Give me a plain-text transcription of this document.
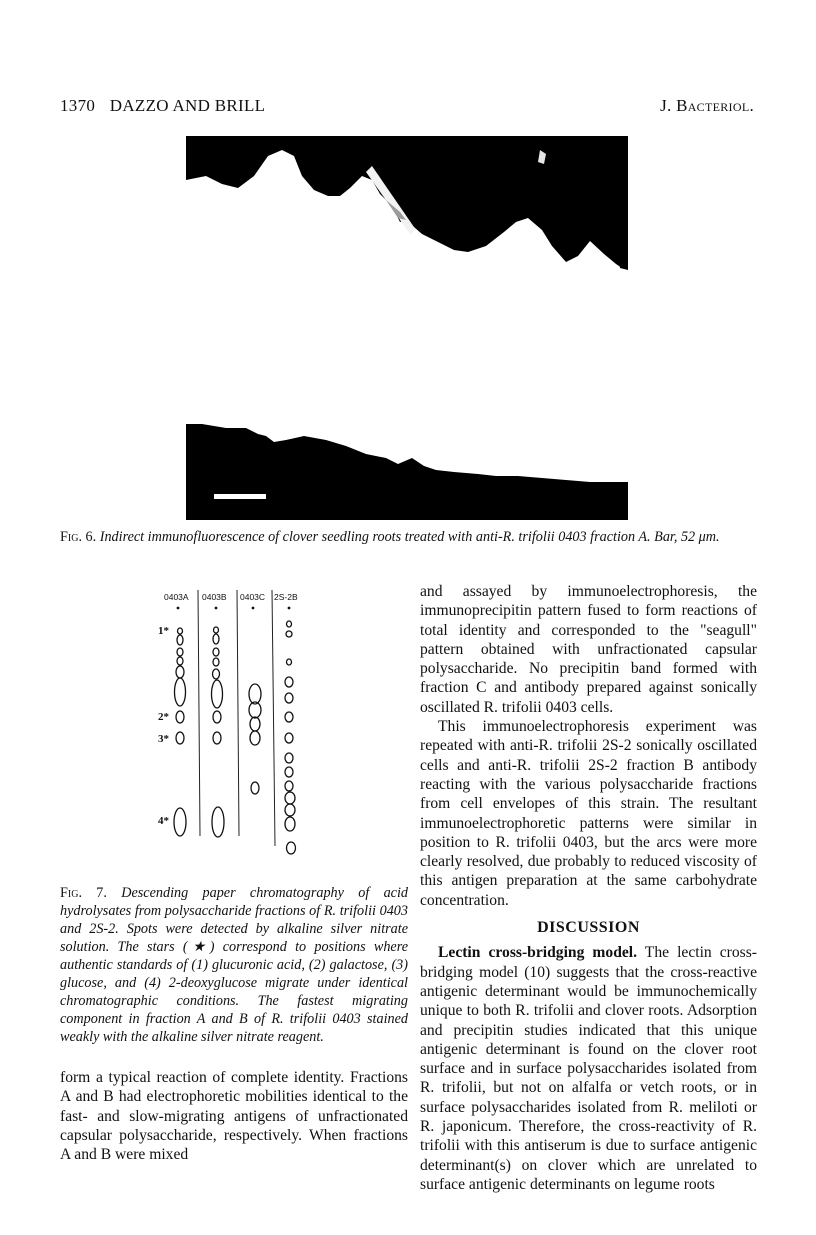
1370 DAZZO AND BRILL	J. Bacteriol.
Fig. 6. Indirect immunofluorescence of clover seedling roots treated with anti-R. trifolii 0403 fraction A. Bar, 52 μm.
0403A 0403B 0403C 2S-2B
1*
2*
3*
4*
Fig. 7. Descending paper chromatography of acid hydrolysates from polysaccharide fractions of R. trifolii 0403 and 2S-2. Spots were detected by alkaline silver nitrate solution. The stars (★) correspond to positions where authentic standards of (1) glucuronic acid, (2) galactose, (3) glucose, and (4) 2-deoxyglucose migrate under identical chromatographic conditions. The fastest migrating component in fraction A and B of R. trifolii 0403 stained weakly with the alkaline silver nitrate reagent.

form a typical reaction of complete identity. Fractions A and B had electrophoretic mobilities identical to the fast- and slow-migrating antigens of unfractionated capsular polysaccharide, respectively. When fractions A and B were mixed

and assayed by immunoelectrophoresis, the immunoprecipitin pattern fused to form reactions of total identity and corresponded to the "seagull" pattern obtained with unfractionated capsular polysaccharide. No precipitin band formed with fraction C and antibody prepared against sonically oscillated R. trifolii 0403 cells.

This immunoelectrophoresis experiment was repeated with anti-R. trifolii 2S-2 sonically oscillated cells and anti-R. trifolii 2S-2 fraction B antibody reacting with the various polysaccharide fractions from cell envelopes of this strain. The resultant immunoelectrophoretic patterns were similar in position to R. trifolii 0403, but the arcs were more clearly resolved, due probably to reduced viscosity of this antigen preparation at the same carbohydrate concentration.

DISCUSSION

Lectin cross-bridging model. The lectin cross-bridging model (10) suggests that the cross-reactive antigenic determinant would be immunochemically unique to both R. trifolii and clover roots. Adsorption and precipitin studies indicated that this unique antigenic determinant is found on the clover root surface and in surface polysaccharides isolated from R. trifolii, but not on alfalfa or vetch roots, or in surface polysaccharides isolated from R. meliloti or R. japonicum. Therefore, the cross-reactivity of R. trifolii with this antiserum is due to surface antigenic determinant(s) on clover which are unrelated to surface antigenic determinants on legume roots
